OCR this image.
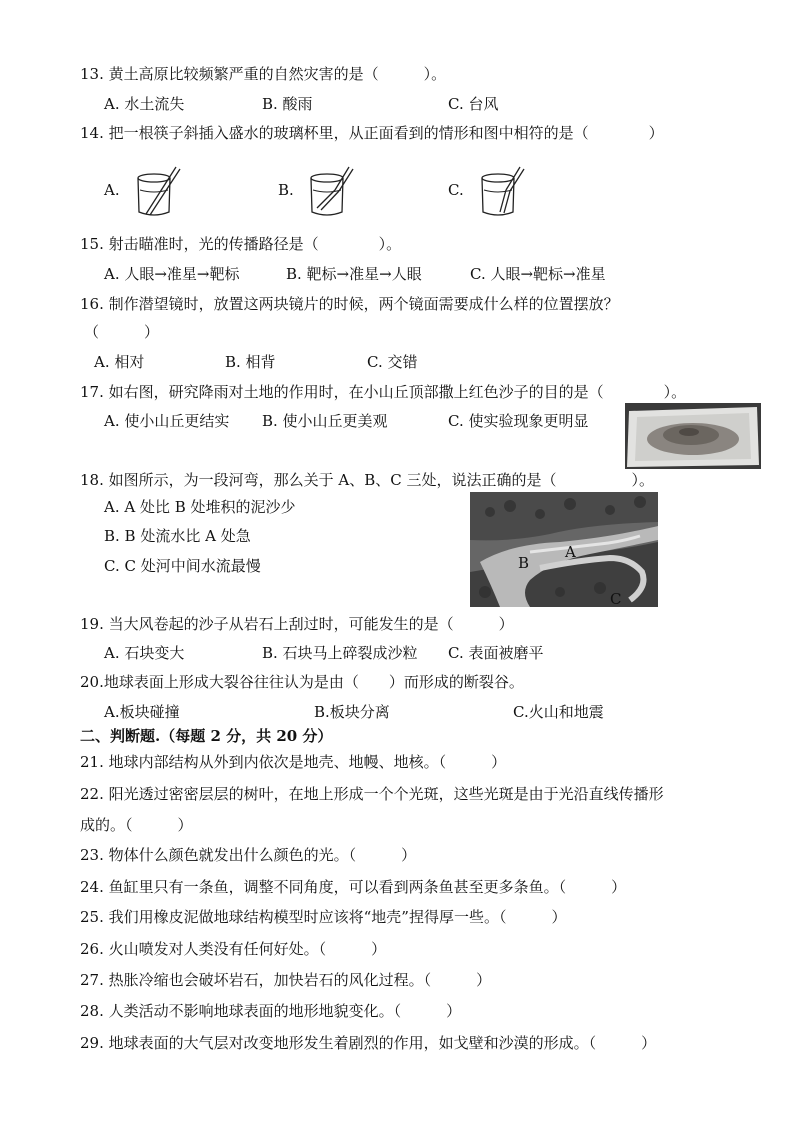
13. 黄土高原比较频繁严重的自然灾害的是（　　　）。
A. 水土流失	B. 酸雨	C. 台风
14. 把一根筷子斜插入盛水的玻璃杯里，从正面看到的情形和图中相符的是（　　　　）
A.	B.	C.
15. 射击瞄准时，光的传播路径是（　　　　）。
A. 人眼→准星→靶标	B. 靶标→准星→人眼	C. 人眼→靶标→准星
16. 制作潜望镜时，放置这两块镜片的时候，两个镜面需要成什么样的位置摆放？
（　　　）
A. 相对	B. 相背	C. 交错
17. 如右图，研究降雨对土地的作用时，在小山丘顶部撒上红色沙子的目的是（　　　　）。
A. 使小山丘更结实 B. 使小山丘更美观	C. 使实验现象更明显
18. 如图所示，为一段河弯，那么关于 A、B、C 三处，说法正确的是（　　　　　）。
A. A 处比 B 处堆积的泥沙少
B. B 处流水比 A 处急
C. C 处河中间水流最慢
A
B
C
19. 当大风卷起的沙子从岩石上刮过时，可能发生的是（　　　）
A. 石块变大	B. 石块马上碎裂成沙粒 C. 表面被磨平
20.地球表面上形成大裂谷往往认为是由（　　）而形成的断裂谷。
A.板块碰撞	B.板块分离	C.火山和地震
二、判断题.（每题 2 分，共 20 分）
21. 地球内部结构从外到内依次是地壳、地幔、地核。（　　　）
22. 阳光透过密密层层的树叶，在地上形成一个个光斑，这些光斑是由于光沿直线传播形
成的。（　　　）
23. 物体什么颜色就发出什么颜色的光。（　　　）
24. 鱼缸里只有一条鱼，调整不同角度，可以看到两条鱼甚至更多条鱼。（　　　）
25. 我们用橡皮泥做地球结构模型时应该将“地壳”捏得厚一些。（　　　）
26. 火山喷发对人类没有任何好处。（　　　）
27. 热胀冷缩也会破坏岩石，加快岩石的风化过程。（　　　）
28. 人类活动不影响地球表面的地形地貌变化。（　　　）
29. 地球表面的大气层对改变地形发生着剧烈的作用，如戈壁和沙漠的形成。（　　　）
